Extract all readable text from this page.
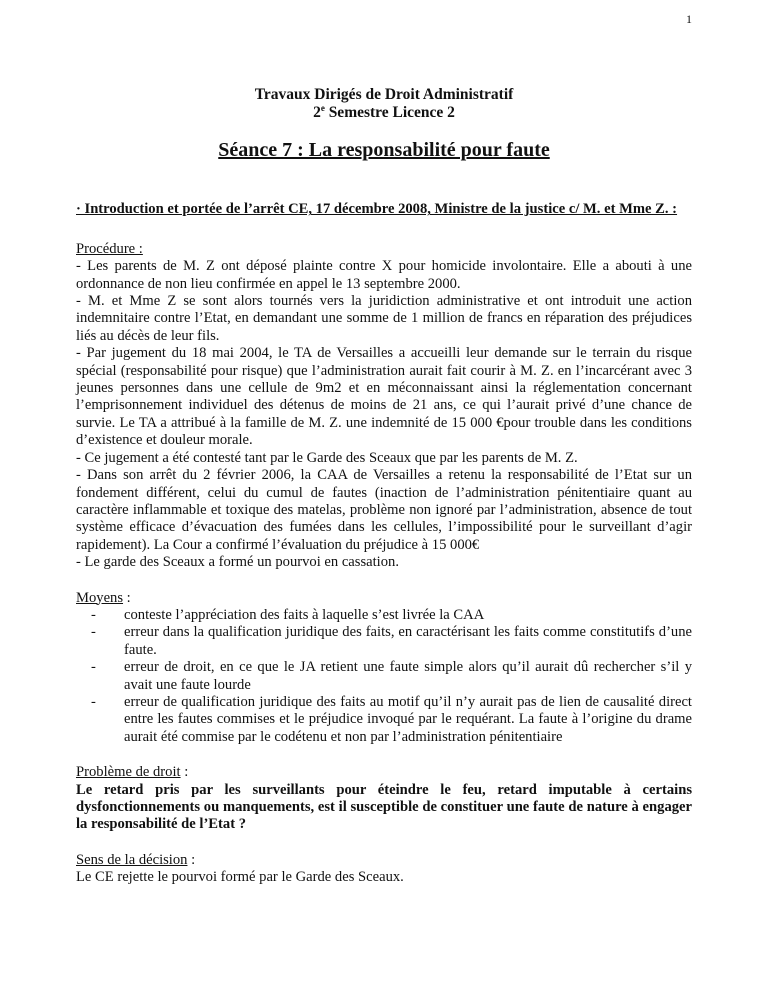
1
Travaux Dirigés de Droit Administratif
2e Semestre Licence 2
Séance 7 : La responsabilité pour faute
· Introduction et portée de l’arrêt CE, 17 décembre 2008, Ministre de la justice c/ M. et Mme Z. :
Procédure :

- Les parents de M. Z ont déposé plainte contre X pour homicide involontaire. Elle a abouti à une ordonnance de non lieu confirmée en appel le 13 septembre 2000.

- M. et Mme Z se sont alors tournés vers la juridiction administrative et ont introduit une action indemnitaire contre l’Etat, en demandant une somme de 1 million de francs en réparation des préjudices liés au décès de leur fils.

- Par jugement du 18 mai 2004, le TA de Versailles a accueilli leur demande sur le terrain du risque spécial (responsabilité pour risque) que l’administration aurait fait courir à M. Z. en l’incarcérant avec 3 jeunes personnes dans une cellule de 9m2 et en méconnaissant ainsi la réglementation concernant l’emprisonnement individuel des détenus de moins de 21 ans, ce qui l’aurait privé d’une chance de survie. Le TA a attribué à la famille de M. Z. une indemnité de 15 000 €pour trouble dans les conditions d’existence et douleur morale.

- Ce jugement a été contesté tant par le Garde des Sceaux que par les parents de M. Z.

- Dans son arrêt du 2 février 2006, la CAA de Versailles a retenu la responsabilité de l’Etat sur un fondement différent, celui du cumul de fautes (inaction de l’administration pénitentiaire quant au caractère inflammable et toxique des matelas, problème non ignoré par l’administration, absence de tout système efficace d’évacuation des fumées dans les cellules, l’impossibilité pour le surveillant d’agir rapidement). La Cour a confirmé l’évaluation du préjudice à 15 000€

- Le garde des Sceaux a formé un pourvoi en cassation.

Moyens :
- conteste l’appréciation des faits à laquelle s’est livrée la CAA
- erreur dans la qualification juridique des faits, en caractérisant les faits comme constitutifs d’une faute.
- erreur de droit, en ce que le JA retient une faute simple alors qu’il aurait dû rechercher s’il y avait une faute lourde
- erreur de qualification juridique des faits au motif qu’il n’y aurait pas de lien de causalité direct entre les fautes commises et le préjudice invoqué par le requérant. La faute à l’origine du drame aurait été commise par le codétenu et non par l’administration pénitentiaire
Problème de droit :

Le retard pris par les surveillants pour éteindre le feu, retard imputable à certains dysfonctionnements ou manquements, est il susceptible de constituer une faute de nature à engager la responsabilité de l’Etat ?

Sens de la décision :

Le CE rejette le pourvoi formé par le Garde des Sceaux.
